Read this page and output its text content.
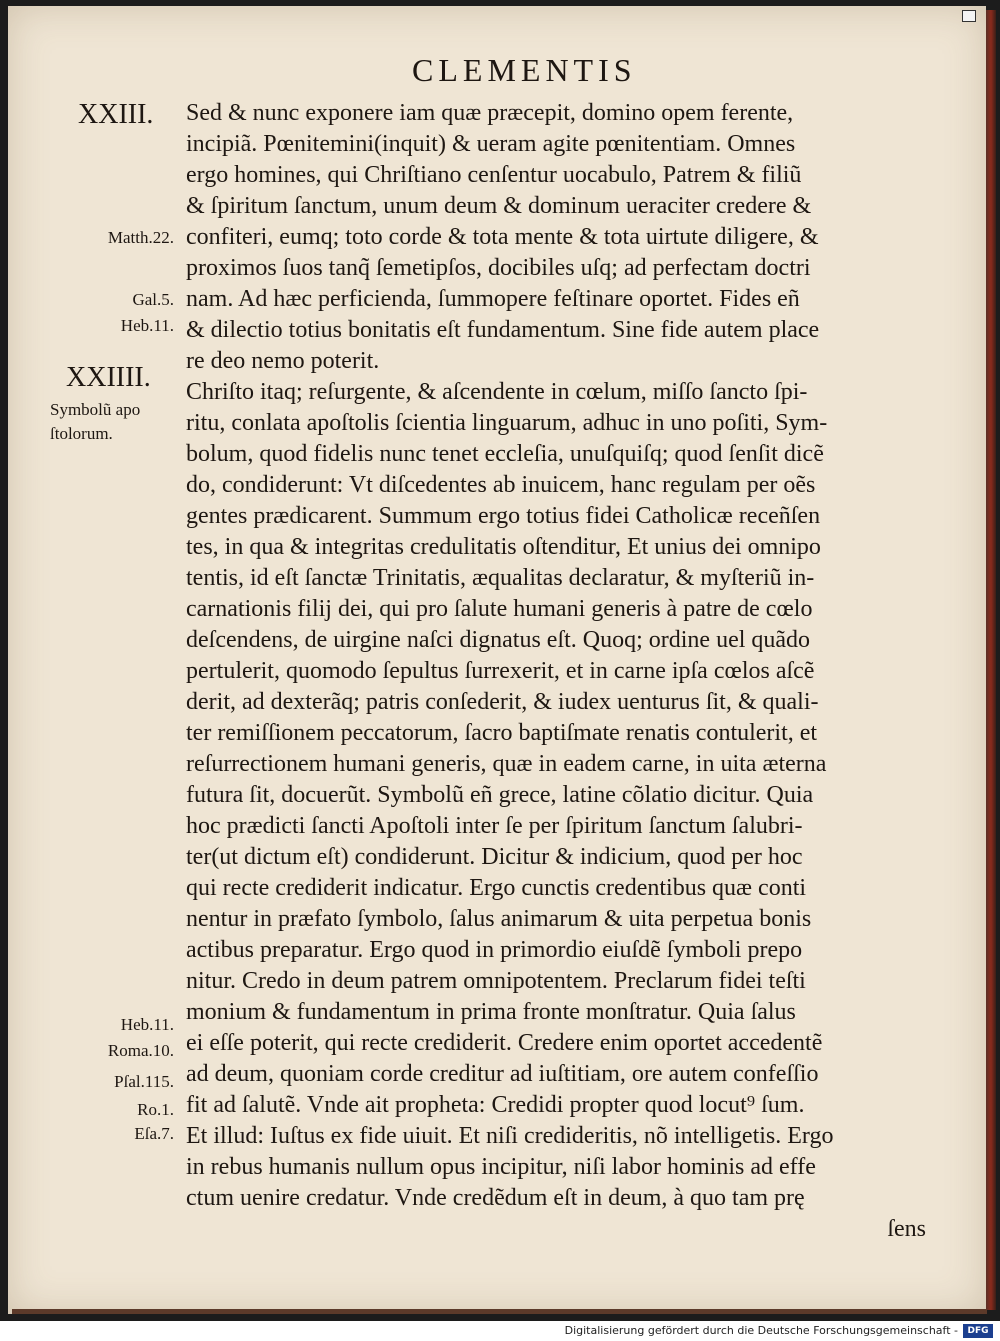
CLEMENTIS
XXIII.
XXIIII.
Symbolũ apo
ſtolorum.
Matth.22.
Gal.5.
Heb.11.
Heb.11.
Roma.10.
Pſal.115.
Ro.1.
Eſa.7.
Sed & nunc exponere iam quæ præcepit, domino opem ferente,
incipiã. Pœnitemini(inquit) & ueram agite pœnitentiam. Omnes
ergo homines, qui Chriſtiano cenſentur uocabulo, Patrem & filiũ
& ſpiritum ſanctum, unum deum & dominum ueraciter credere &
confiteri, eumq; toto corde & tota mente & tota uirtute diligere, &
proximos ſuos tanq̃ ſemetipſos, docibiles uſq; ad perfectam doctri
nam. Ad hæc perficienda, ſummopere feſtinare oportet. Fides eñ
& dilectio totius bonitatis eſt fundamentum. Sine fide autem place
re deo nemo poterit.
Chriſto itaq; reſurgente, & aſcendente in cœlum, miſſo ſancto ſpi-
ritu, conlata apoſtolis ſcientia linguarum, adhuc in uno poſiti, Sym-
bolum, quod fidelis nunc tenet eccleſia, unuſquiſq; quod ſenſit dicẽ
do, condiderunt: Vt diſcedentes ab inuicem, hanc regulam per oẽs
gentes prædicarent. Summum ergo totius fidei Catholicæ receñſen
tes, in qua & integritas credulitatis oſtenditur, Et unius dei omnipo
tentis, id eſt ſanctæ Trinitatis, æqualitas declaratur, & myſteriũ in-
carnationis filij dei, qui pro ſalute humani generis à patre de cœlo
deſcendens, de uirgine naſci dignatus eſt. Quoq; ordine uel quãdo
pertulerit, quomodo ſepultus ſurrexerit, et in carne ipſa cœlos aſcẽ
derit, ad dexterãq; patris conſederit, & iudex uenturus ſit, & quali-
ter remiſſionem peccatorum, ſacro baptiſmate renatis contulerit, et
reſurrectionem humani generis, quæ in eadem carne, in uita æterna
futura ſit, docuerũt. Symbolũ eñ grece, latine cõlatio dicitur. Quia
hoc prædicti ſancti Apoſtoli inter ſe per ſpiritum ſanctum ſalubri-
ter(ut dictum eſt) condiderunt. Dicitur & indicium, quod per hoc
qui recte crediderit indicatur. Ergo cunctis credentibus quæ conti
nentur in præfato ſymbolo, ſalus animarum & uita perpetua bonis
actibus preparatur. Ergo quod in primordio eiuſdẽ ſymboli prepo
nitur. Credo in deum patrem omnipotentem. Preclarum fidei teſti
monium & fundamentum in prima fronte monſtratur. Quia ſalus
ei eſſe poterit, qui recte crediderit. Credere enim oportet accedentẽ
ad deum, quoniam corde creditur ad iuſtitiam, ore autem confeſſio
fit ad ſalutẽ. Vnde ait propheta: Credidi propter quod locut⁹ ſum.
Et illud: Iuſtus ex fide uiuit. Et niſi credideritis, nõ intelligetis. Ergo
in rebus humanis nullum opus incipitur, niſi labor hominis ad effe
ctum uenire credatur. Vnde credẽdum eſt in deum, à quo tam prę
ſens
Digitalisierung gefördert durch die Deutsche Forschungsgemeinschaft -	DFG
